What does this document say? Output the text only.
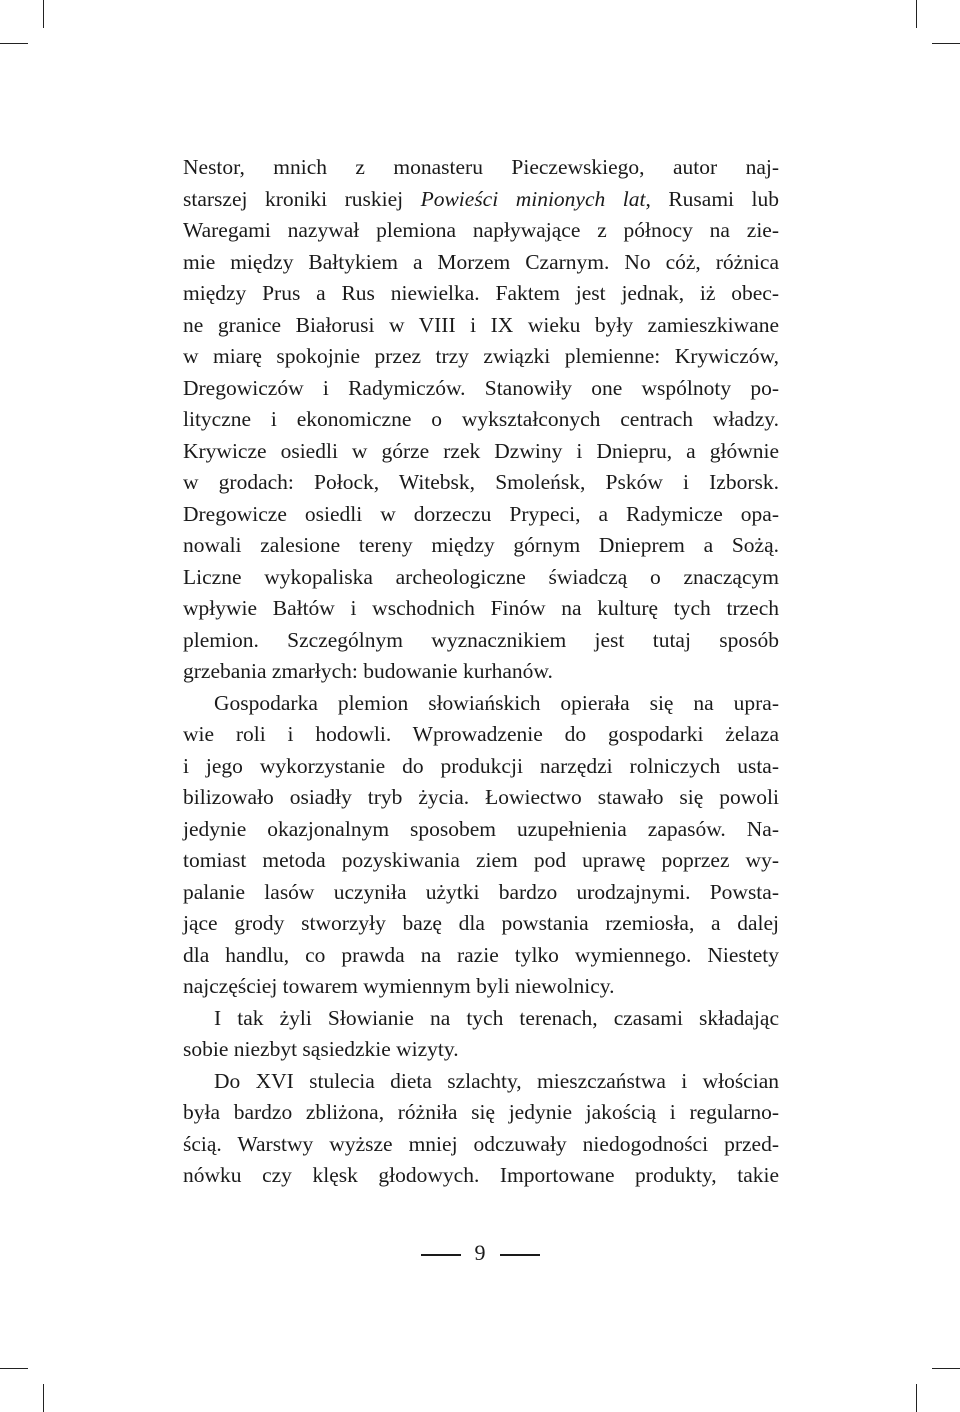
Nestor, mnich z monasteru Pieczewskiego, autor naj-
starszej kroniki ruskiej Powieści minionych lat, Rusami lub
Waregami nazywał plemiona napływające z północy na zie-
mie między Bałtykiem a Morzem Czarnym. No cóż, różnica
między Prus a Rus niewielka. Faktem jest jednak, iż obec-
ne granice Białorusi w VIII i IX wieku były zamieszkiwane
w miarę spokojnie przez trzy związki plemienne: Krywiczów,
Dregowiczów i Radymiczów. Stanowiły one wspólnoty po-
lityczne i ekonomiczne o wykształconych centrach władzy.
Krywicze osiedli w górze rzek Dzwiny i Dniepru, a głównie
w grodach: Połock, Witebsk, Smoleńsk, Psków i Izborsk.
Dregowicze osiedli w dorzeczu Prypeci, a Radymicze opa-
nowali zalesione tereny między górnym Dnieprem a Sożą.
Liczne wykopaliska archeologiczne świadczą o znaczącym
wpływie Bałtów i wschodnich Finów na kulturę tych trzech
plemion. Szczególnym wyznacznikiem jest tutaj sposób
grzebania zmarłych: budowanie kurhanów.
Gospodarka plemion słowiańskich opierała się na upra-
wie roli i hodowli. Wprowadzenie do gospodarki żelaza
i jego wykorzystanie do produkcji narzędzi rolniczych usta-
bilizowało osiadły tryb życia. Łowiectwo stawało się powoli
jedynie okazjonalnym sposobem uzupełnienia zapasów. Na-
tomiast metoda pozyskiwania ziem pod uprawę poprzez wy-
palanie lasów uczyniła użytki bardzo urodzajnymi. Powsta-
jące grody stworzyły bazę dla powstania rzemiosła, a dalej
dla handlu, co prawda na razie tylko wymiennego. Niestety
najczęściej towarem wymiennym byli niewolnicy.
I tak żyli Słowianie na tych terenach, czasami składając
sobie niezbyt sąsiedzkie wizyty.
Do XVI stulecia dieta szlachty, mieszczaństwa i włościan
była bardzo zbliżona, różniła się jedynie jakością i regularno-
ścią. Warstwy wyższe mniej odczuwały niedogodności przed-
nówku czy klęsk głodowych. Importowane produkty, takie
9
